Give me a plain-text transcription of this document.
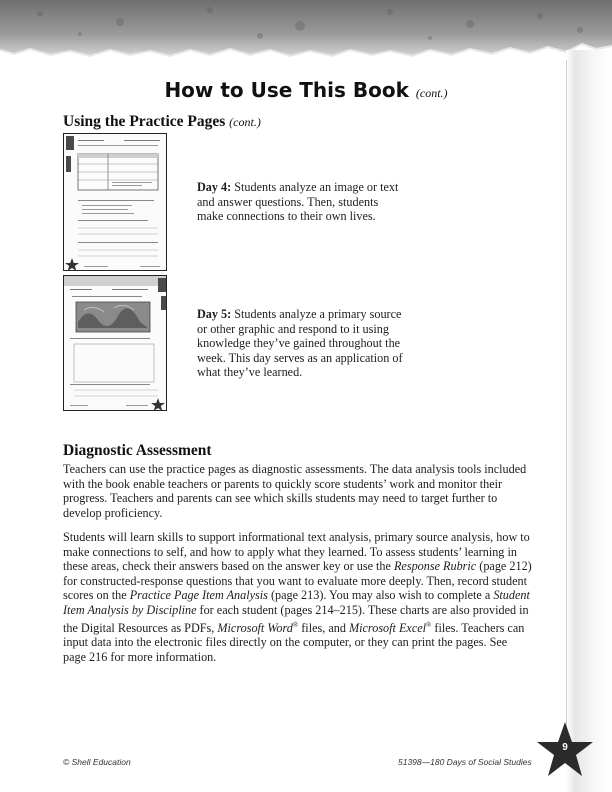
How to Use This Book (cont.)
Using the Practice Pages (cont.)
Day 4: Students analyze an image or text and answer questions. Then, students make connections to their own lives.
Day 5: Students analyze a primary source or other graphic and respond to it using knowledge they’ve gained throughout the week. This day serves as an application of what they’ve learned.
Diagnostic Assessment

Teachers can use the practice pages as diagnostic assessments. The data analysis tools included with the book enable teachers or parents to quickly score students’ work and monitor their progress. Teachers and parents can see which skills students may need to target further to develop proficiency.

Students will learn skills to support informational text analysis, primary source analysis, how to make connections to self, and how to apply what they learned. To assess students’ learning in these areas, check their answers based on the answer key or use the Response Rubric (page 212) for constructed-response questions that you want to evaluate more deeply. Then, record student scores on the Practice Page Item Analysis (page 213). You may also wish to complete a Student Item Analysis by Discipline for each student (pages 214–215). These charts are also provided in the Digital Resources as PDFs, Microsoft Word® files, and Microsoft Excel® files. Teachers can input data into the electronic files directly on the computer, or they can print the pages. See page 216 for more information.

© Shell Education	51398—180 Days of Social Studies
9
